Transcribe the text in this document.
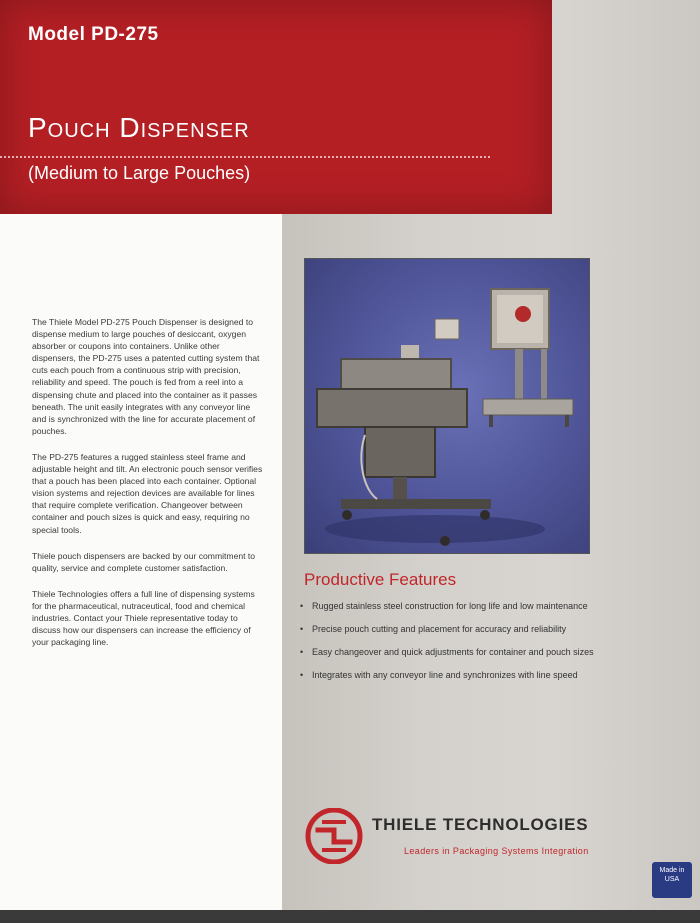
Model PD-275
Pouch Dispenser
(Medium to Large Pouches)

The Thiele Model PD-275 Pouch Dispenser is designed to dispense medium to large pouches of desiccant, oxygen absorber or coupons into containers. Unlike other dispensers, the PD-275 uses a patented cutting system that cuts each pouch from a continuous strip with precision, reliability and speed. The pouch is fed from a reel into a dispensing chute and placed into the container as it passes beneath. The unit easily integrates with any conveyor line and is synchronized with the line for accurate placement of pouches.

The PD-275 features a rugged stainless steel frame and adjustable height and tilt. An electronic pouch sensor verifies that a pouch has been placed into each container. Optional vision systems and rejection devices are available for lines that require complete verification. Changeover between container and pouch sizes is quick and easy, requiring no special tools.

Thiele pouch dispensers are backed by our commitment to quality, service and complete customer satisfaction.

Thiele Technologies offers a full line of dispensing systems for the pharmaceutical, nutraceutical, food and chemical industries. Contact your Thiele representative today to discuss how our dispensers can increase the efficiency of your packaging line.

Productive Features
• Rugged stainless steel construction for long life and low maintenance
• Precise pouch cutting and placement for accuracy and reliability
• Easy changeover and quick adjustments for container and pouch sizes
• Integrates with any conveyor line and synchronizes with line speed
THIELE TECHNOLOGIES
Leaders in Packaging Systems Integration
Made in USA
